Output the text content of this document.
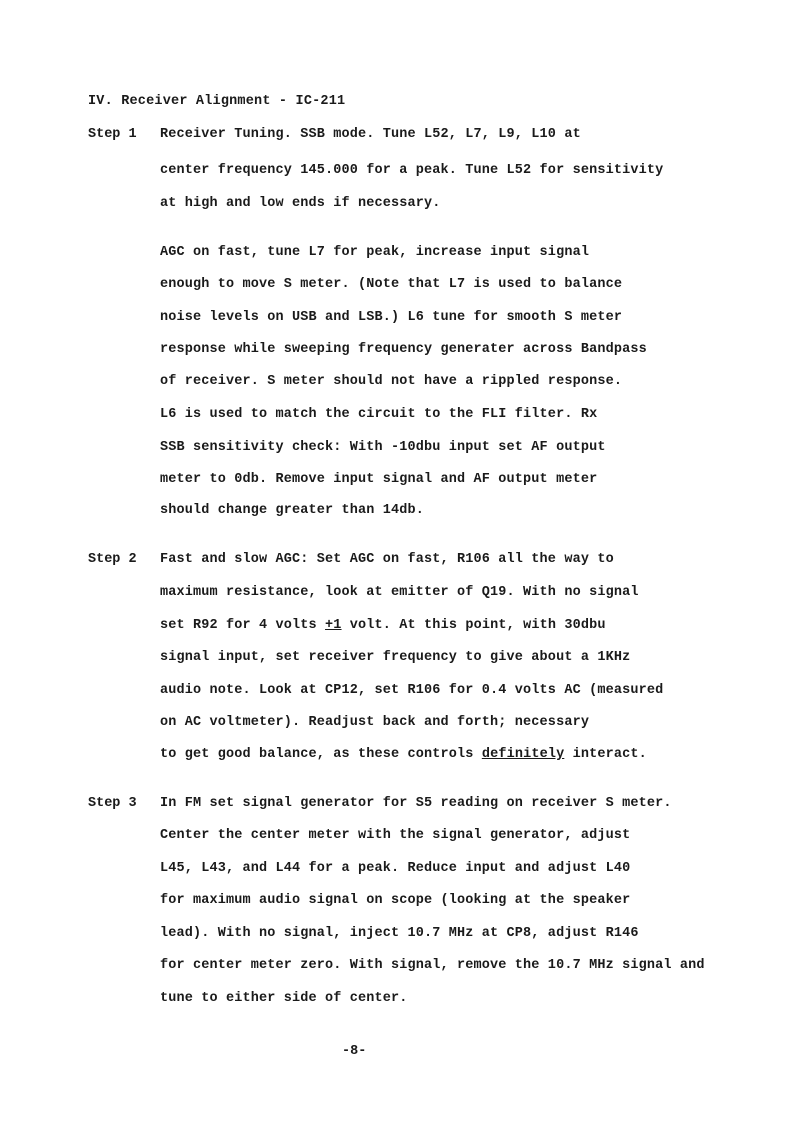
IV. Receiver Alignment - IC-211
Step 1 Receiver Tuning. SSB mode. Tune L52, L7, L9, L10 at
center frequency 145.000 for a peak. Tune L52 for sensitivity
at high and low ends if necessary.
AGC on fast, tune L7 for peak, increase input signal
enough to move S meter. (Note that L7 is used to balance
noise levels on USB and LSB.) L6 tune for smooth S meter
response while sweeping frequency generater across Bandpass
of receiver. S meter should not have a rippled response.
L6 is used to match the circuit to the FLI filter. Rx
SSB sensitivity check: With -10dbu input set AF output
meter to 0db. Remove input signal and AF output meter
should change greater than 14db.
Step 2 Fast and slow AGC: Set AGC on fast, R106 all the way to
maximum resistance, look at emitter of Q19. With no signal
set R92 for 4 volts +1 volt. At this point, with 30dbu
signal input, set receiver frequency to give about a 1KHz
audio note. Look at CP12, set R106 for 0.4 volts AC (measured
on AC voltmeter). Readjust back and forth; necessary
to get good balance, as these controls definitely interact.
Step 3 In FM set signal generator for S5 reading on receiver S meter.
Center the center meter with the signal generator, adjust
L45, L43, and L44 for a peak. Reduce input and adjust L40
for maximum audio signal on scope (looking at the speaker
lead). With no signal, inject 10.7 MHz at CP8, adjust R146
for center meter zero. With signal, remove the 10.7 MHz signal and
tune to either side of center.
-8-
